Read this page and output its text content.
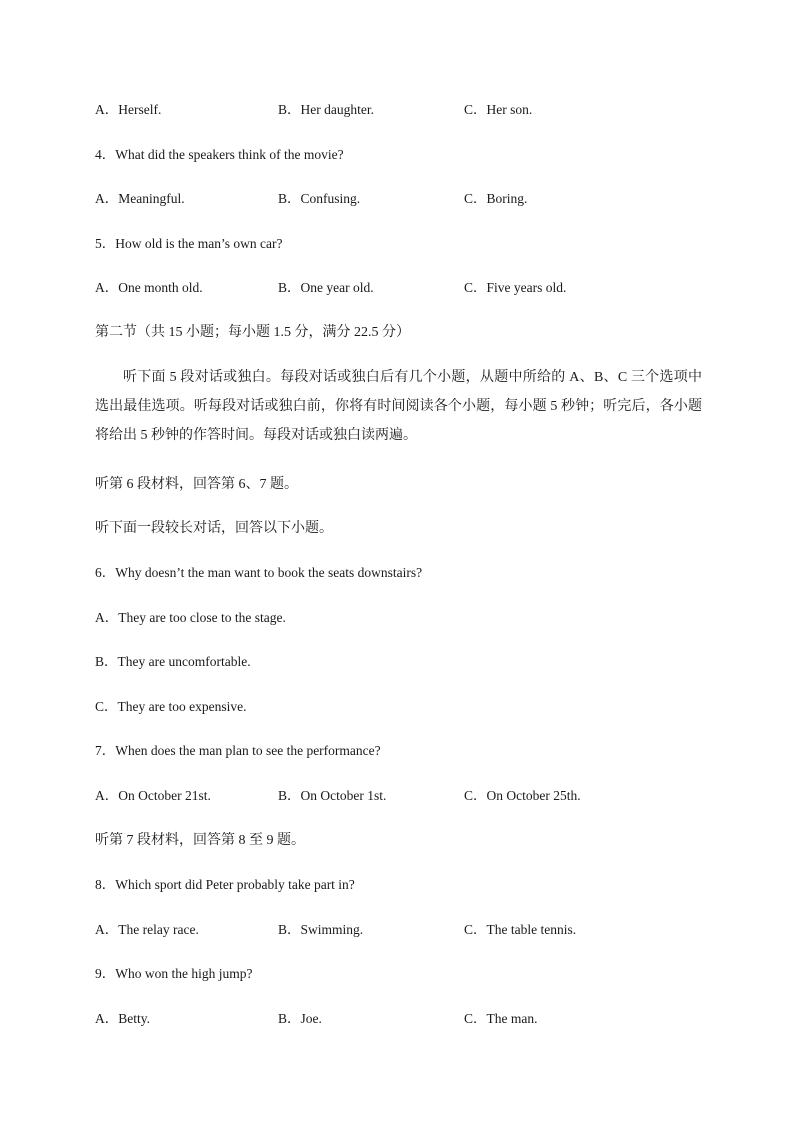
A．Herself.	B．Her daughter.	C．Her son.
4．What did the speakers think of the movie?
A．Meaningful.	B．Confusing.	C．Boring.
5．How old is the man’s own car?
A．One month old.	B．One year old.	C．Five years old.
第二节（共 15 小题；每小题 1.5 分，满分 22.5 分）
听下面 5 段对话或独白。每段对话或独白后有几个小题，从题中所给的 A、B、C 三个选项中选出最佳选项。听每段对话或独白前，你将有时间阅读各个小题，每小题 5 秒钟；听完后，各小题将给出 5 秒钟的作答时间。每段对话或独白读两遍。
听第 6 段材料，回答第 6、7 题。
听下面一段较长对话，回答以下小题。
6．Why doesn’t the man want to book the seats downstairs?
A．They are too close to the stage.
B．They are uncomfortable.
C．They are too expensive.
7．When does the man plan to see the performance?
A．On October 21st.	B．On October 1st.	C．On October 25th.
听第 7 段材料，回答第 8 至 9 题。
8．Which sport did Peter probably take part in?
A．The relay race.	B．Swimming.	C．The table tennis.
9．Who won the high jump?
A．Betty.	B．Joe.	C．The man.
